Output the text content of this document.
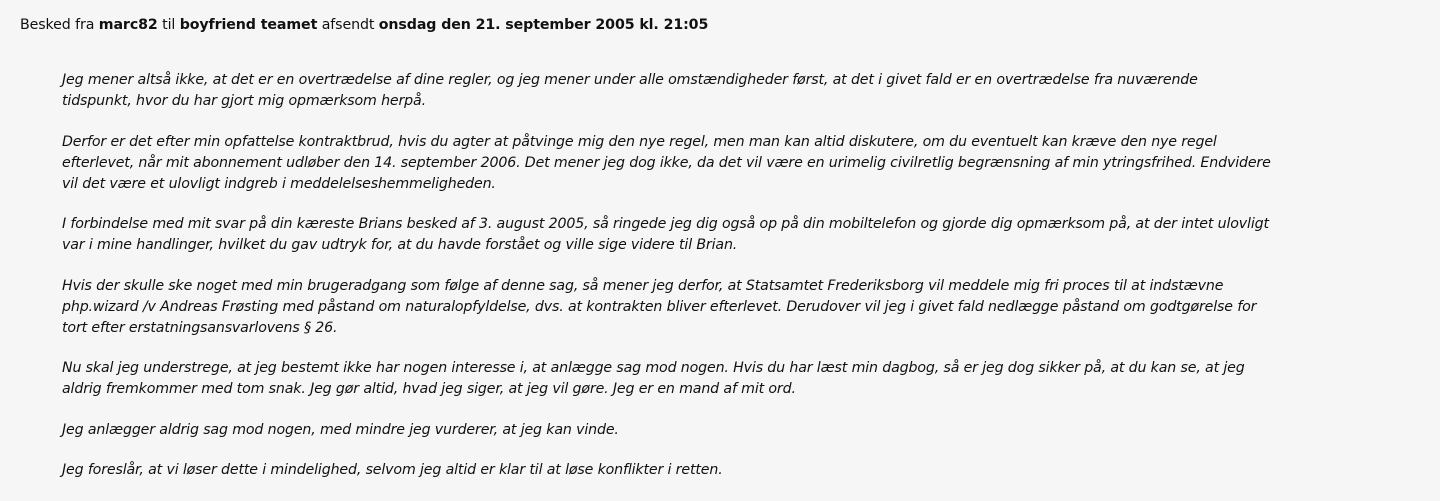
Besked fra marc82 til boyfriend teamet afsendt onsdag den 21. september 2005 kl. 21:05
Jeg mener altså ikke, at det er en overtrædelse af dine regler, og jeg mener under alle omstændigheder først, at det i givet fald er en overtrædelse fra nuværende
tidspunkt, hvor du har gjort mig opmærksom herpå.
Derfor er det efter min opfattelse kontraktbrud, hvis du agter at påtvinge mig den nye regel, men man kan altid diskutere, om du eventuelt kan kræve den nye regel
efterlevet, når mit abonnement udløber den 14. september 2006. Det mener jeg dog ikke, da det vil være en urimelig civilretlig begrænsning af min ytringsfrihed. Endvidere
vil det være et ulovligt indgreb i meddelelseshemmeligheden.
I forbindelse med mit svar på din kæreste Brians besked af 3. august 2005, så ringede jeg dig også op på din mobiltelefon og gjorde dig opmærksom på, at der intet ulovligt
var i mine handlinger, hvilket du gav udtryk for, at du havde forstået og ville sige videre til Brian.
Hvis der skulle ske noget med min brugeradgang som følge af denne sag, så mener jeg derfor, at Statsamtet Frederiksborg vil meddele mig fri proces til at indstævne
php.wizard /v Andreas Frøsting med påstand om naturalopfyldelse, dvs. at kontrakten bliver efterlevet. Derudover vil jeg i givet fald nedlægge påstand om godtgørelse for
tort efter erstatningsansvarlovens § 26.
Nu skal jeg understrege, at jeg bestemt ikke har nogen interesse i, at anlægge sag mod nogen. Hvis du har læst min dagbog, så er jeg dog sikker på, at du kan se, at jeg
aldrig fremkommer med tom snak. Jeg gør altid, hvad jeg siger, at jeg vil gøre. Jeg er en mand af mit ord.
Jeg anlægger aldrig sag mod nogen, med mindre jeg vurderer, at jeg kan vinde.
Jeg foreslår, at vi løser dette i mindelighed, selvom jeg altid er klar til at løse konflikter i retten.
